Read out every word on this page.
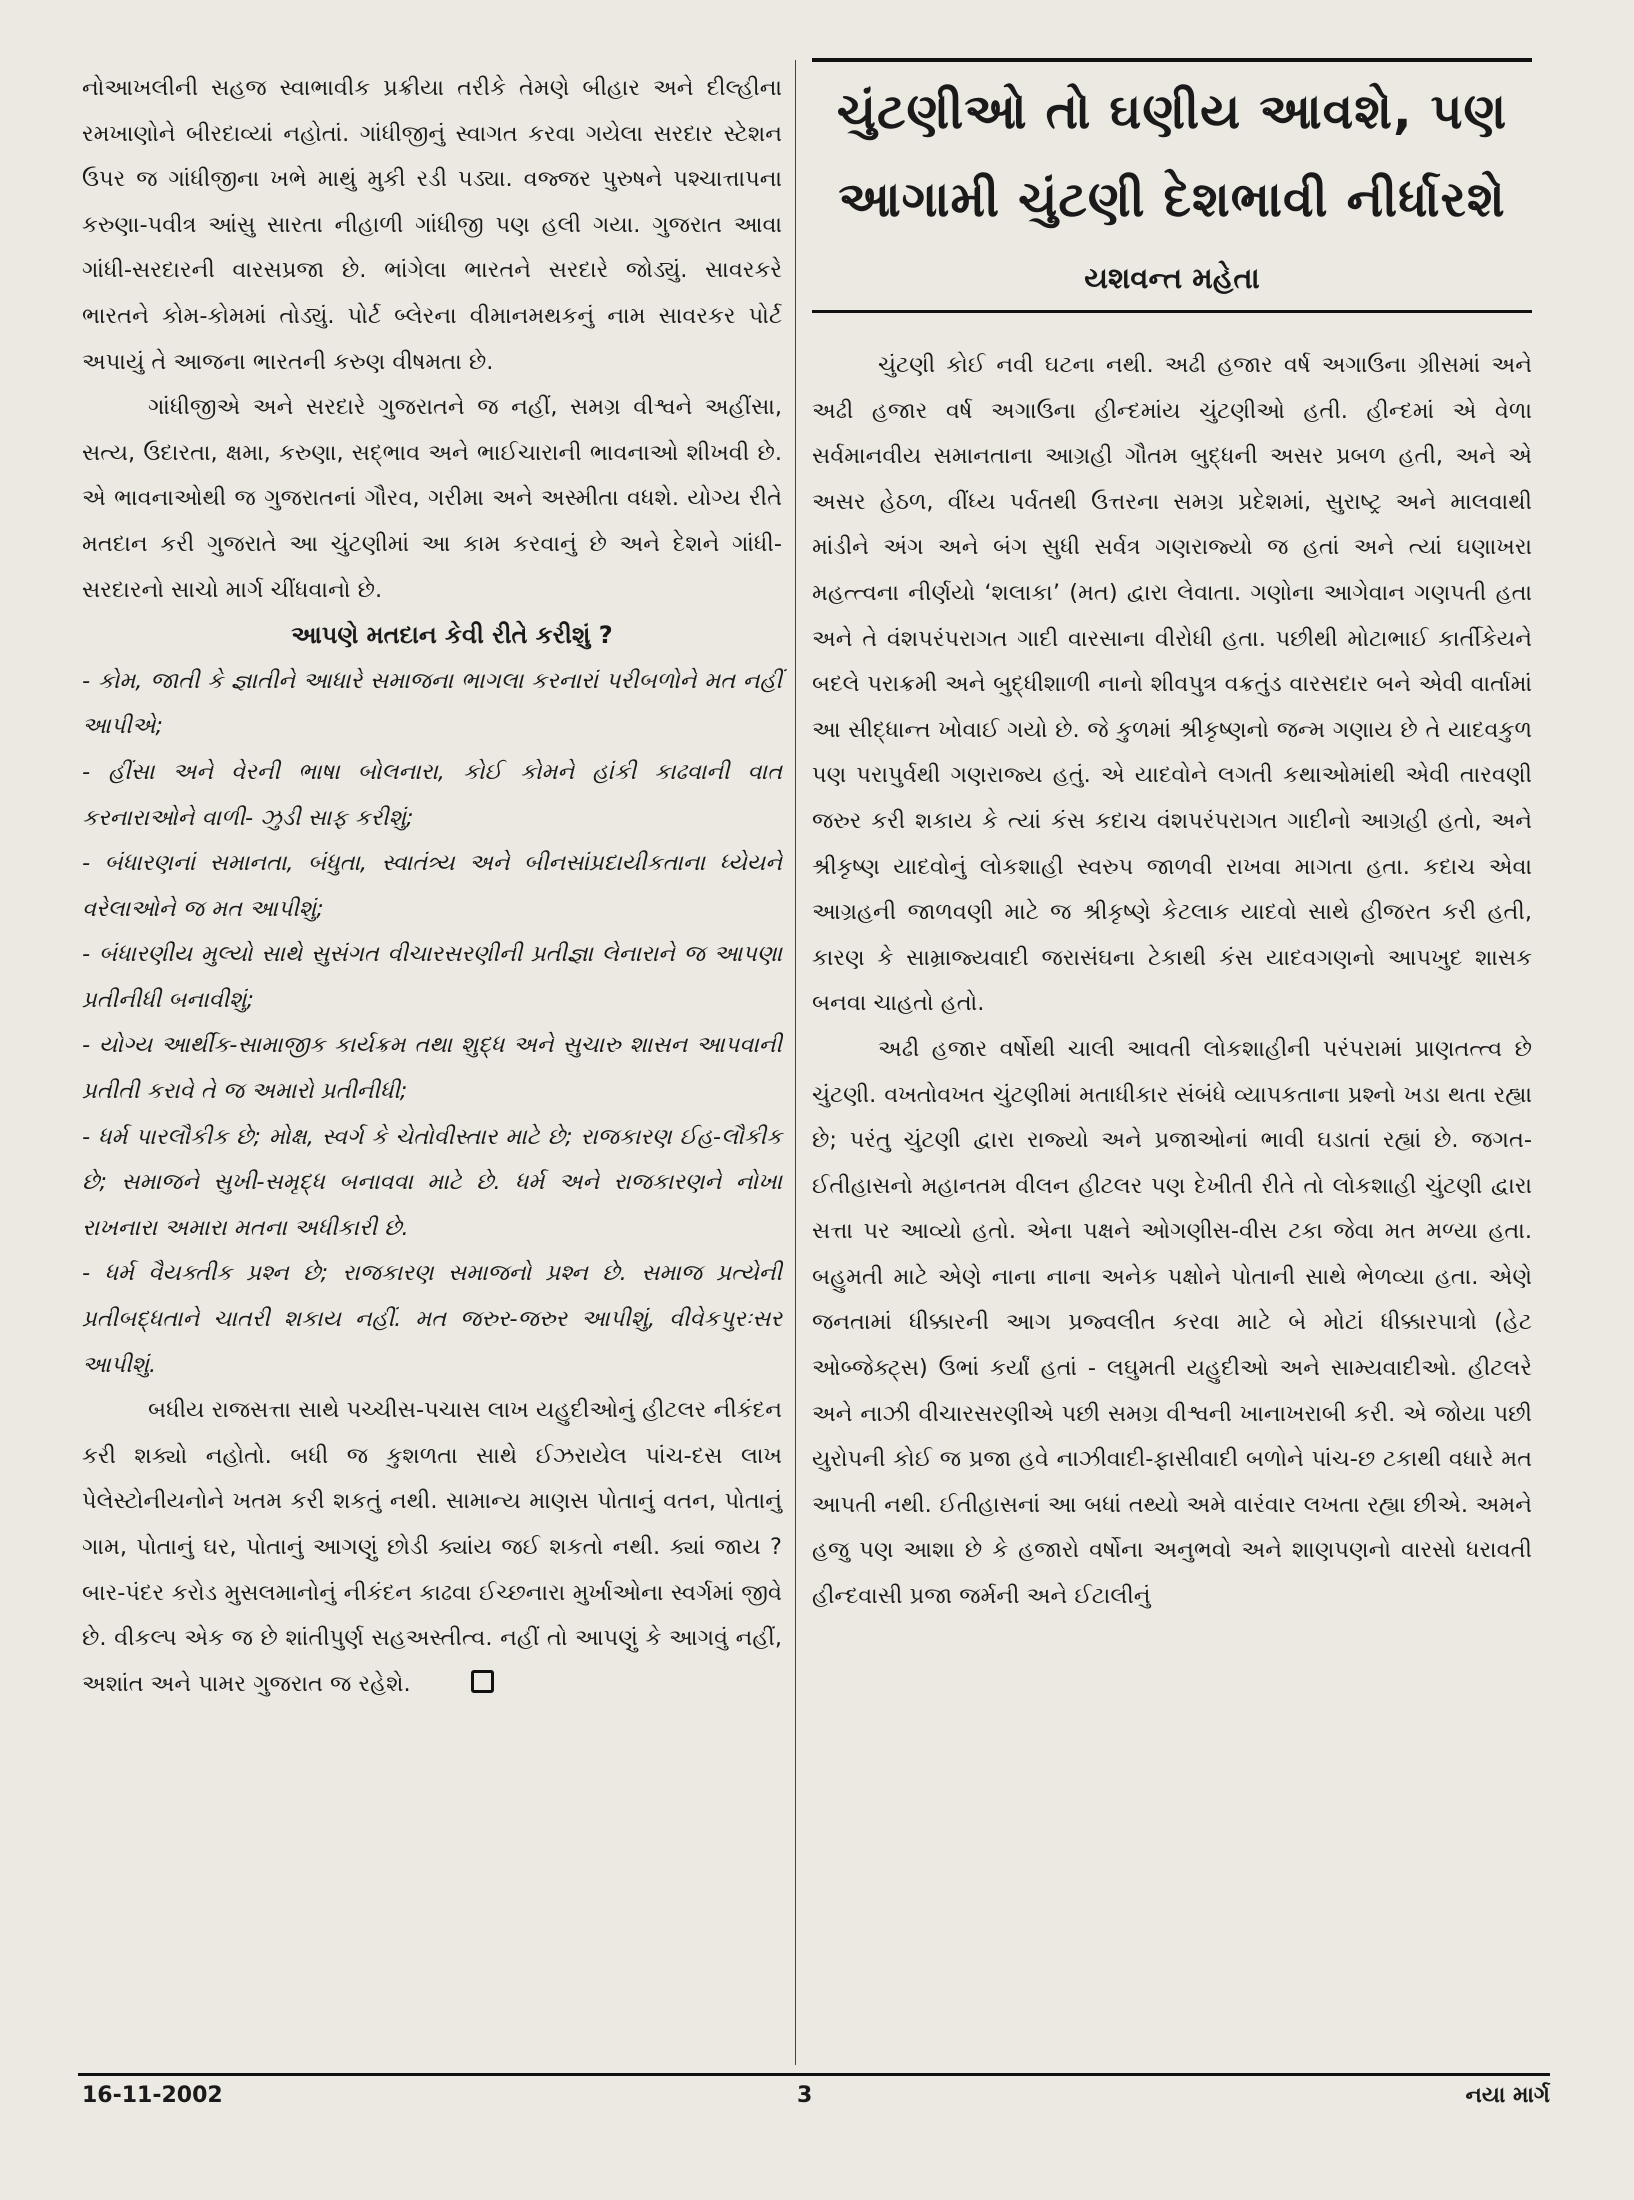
નોઆખલીની સહજ સ્વાભાવીક પ્રક્રીયા તરીકે તેમણે બીહાર અને દીલ્હીના રમખાણોને બીરદાવ્યાં નહોતાં. ગાંધીજીનું સ્વાગત કરવા ગયેલા સરદાર સ્ટેશન ઉપર જ ગાંધીજીના ખભે માથું મુકી રડી પડ્યા. વજ્જર પુરુષને પશ્ચાત્તાપના કરુણા-પવીત્ર આંસુ સારતા નીહાળી ગાંધીજી પણ હલી ગયા. ગુજરાત આવા ગાંધી-સરદારની વારસપ્રજા છે. ભાંગેલા ભારતને સરદારે જોડ્યું. સાવરકરે ભારતને કોમ-કોમમાં તોડ્યું. પોર્ટ બ્લેરના વીમાનમથકનું નામ સાવરકર પોર્ટ અપાયું તે આજના ભારતની કરુણ વીષમતા છે.

ગાંધીજીએ અને સરદારે ગુજરાતને જ નહીં, સમગ્ર વીશ્વને અહીંસા, સત્ય, ઉદારતા, ક્ષમા, કરુણા, સદ્ભાવ અને ભાઈચારાની ભાવનાઓ શીખવી છે. એ ભાવનાઓથી જ ગુજરાતનાં ગૌરવ, ગરીમા અને અસ્મીતા વધશે. યોગ્ય રીતે મતદાન કરી ગુજરાતે આ ચુંટણીમાં આ કામ કરવાનું છે અને દેશને ગાંધી-સરદારનો સાચો માર્ગ ચીંધવાનો છે.

આપણે મતદાન કેવી રીતે કરીશું ?

- કોમ, જાતી કે જ્ઞાતીને આધારે સમાજના ભાગલા કરનારાં પરીબળોને મત નહીં આપીએ;
- હીંસા અને વેરની ભાષા બોલનારા, કોઈ કોમને હાંકી કાઢવાની વાત કરનારાઓને વાળી- ઝુડી સાફ કરીશું;
- બંધારણનાં સમાનતા, બંધુતા, સ્વાતંત્ર્ય અને બીનસાંપ્રદાયીકતાના ધ્યેયને વરેલાઓને જ મત આપીશું;
- બંધારણીય મુલ્યો સાથે સુસંગત વીચારસરણીની પ્રતીજ્ઞા લેનારાને જ આપણા પ્રતીનીધી બનાવીશું;
- યોગ્ય આર્થીક-સામાજીક કાર્યક્રમ તથા શુદ્ધ અને સુચારુ શાસન આપવાની પ્રતીતી કરાવે તે જ અમારો પ્રતીનીધી;
- ધર્મ પારલૌકીક છે; મોક્ષ, સ્વર્ગ કે ચેતોવીસ્તાર માટે છે; રાજકારણ ઈહ-લૌકીક છે; સમાજને સુખી-સમૃદ્ધ બનાવવા માટે છે. ધર્મ અને રાજકારણને નોખા રાખનારા અમારા મતના અધીકારી છે.
- ધર્મ વૈયક્તીક પ્રશ્ન છે; રાજકારણ સમાજનો પ્રશ્ન છે. સમાજ પ્રત્યેની પ્રતીબદ્ધતાને ચાતરી શકાય નહીં. મત જરુર-જરુર આપીશું, વીવેકપુરઃસર આપીશું.

બધીય રાજસત્તા સાથે પચ્ચીસ-પચાસ લાખ યહુદીઓનું હીટલર નીકંદન કરી શક્યો નહોતો. બધી જ કુશળતા સાથે ઈઝરાયેલ પાંચ-દસ લાખ પેલેસ્ટોનીયનોને ખતમ કરી શકતું નથી. સામાન્ય માણસ પોતાનું વતન, પોતાનું ગામ, પોતાનું ઘર, પોતાનું આગણું છોડી ક્યાંય જઈ શકતો નથી. ક્યાં જાય ? બાર-પંદર કરોડ મુસલમાનોનું નીકંદન કાઢવા ઈચ્છનારા મુર્ખાઓના સ્વર્ગમાં જીવે છે. વીકલ્પ એક જ છે શાંતીપુર્ણ સહઅસ્તીત્વ. નહીં તો આપણું કે આગવું નહીં, અશાંત અને પામર ગુજરાત જ રહેશે.

ચુંટણીઓ તો ઘણીય આવશે, પણ
આગામી ચુંટણી દેશભાવી નીર્ધારશે
યશવન્ત મહેતા

ચુંટણી કોઈ નવી ઘટના નથી. અઢી હજાર વર્ષ અગાઉના ગ્રીસમાં અને અઢી હજાર વર્ષ અગાઉના હીન્દમાંય ચુંટણીઓ હતી. હીન્દમાં એ વેળા સર્વમાનવીય સમાનતાના આગ્રહી ગૌતમ બુદ્ધની અસર પ્રબળ હતી, અને એ અસર હેઠળ, વીંધ્ય પર્વતથી ઉત્તરના સમગ્ર પ્રદેશમાં, સુરાષ્ટ્ર અને માલવાથી માંડીને અંગ અને બંગ સુધી સર્વત્ર ગણરાજ્યો જ હતાં અને ત્યાં ઘણાખરા મહત્ત્વના નીર્ણયો ‘શલાકા’ (મત) દ્વારા લેવાતા. ગણોના આગેવાન ગણપતી હતા અને તે વંશપરંપરાગત ગાદી વારસાના વીરોધી હતા. પછીથી મોટાભાઈ કાર્તીકેયને બદલે પરાક્રમી અને બુદ્ધીશાળી નાનો શીવપુત્ર વક્રતુંડ વારસદાર બને એવી વાર્તામાં આ સીદ્ધાન્ત ખોવાઈ ગયો છે. જે કુળમાં શ્રીકૃષ્ણનો જન્મ ગણાય છે તે યાદવકુળ પણ પરાપુર્વથી ગણરાજ્ય હતું. એ યાદવોને લગતી કથાઓમાંથી એવી તારવણી જરુર કરી શકાય કે ત્યાં કંસ કદાચ વંશપરંપરાગત ગાદીનો આગ્રહી હતો, અને શ્રીકૃષ્ણ યાદવોનું લોકશાહી સ્વરુપ જાળવી રાખવા માગતા હતા. કદાચ એવા આગ્રહની જાળવણી માટે જ શ્રીકૃષ્ણે કેટલાક યાદવો સાથે હીજરત કરી હતી, કારણ કે સામ્રાજ્યવાદી જરાસંઘના ટેકાથી કંસ યાદવગણનો આપખુદ શાસક બનવા ચાહતો હતો.

અઢી હજાર વર્ષોથી ચાલી આવતી લોકશાહીની પરંપરામાં પ્રાણતત્ત્વ છે ચુંટણી. વખતોવખત ચુંટણીમાં મતાધીકાર સંબંધે વ્યાપકતાના પ્રશ્નો ખડા થતા રહ્યા છે; પરંતુ ચુંટણી દ્વારા રાજ્યો અને પ્રજાઓનાં ભાવી ઘડાતાં રહ્યાં છે. જગત-ઈતીહાસનો મહાનતમ વીલન હીટલર પણ દેખીતી રીતે તો લોકશાહી ચુંટણી દ્વારા સત્તા પર આવ્યો હતો. એના પક્ષને ઓગણીસ-વીસ ટકા જેવા મત મળ્યા હતા. બહુમતી માટે એણે નાના નાના અનેક પક્ષોને પોતાની સાથે ભેળવ્યા હતા. એણે જનતામાં ધીક્કારની આગ પ્રજ્વલીત કરવા માટે બે મોટાં ધીક્કારપાત્રો (હેટ ઓબ્જેક્ટ્સ) ઉભાં કર્યાં હતાં - લઘુમતી યહુદીઓ અને સામ્યવાદીઓ. હીટલરે અને નાઝી વીચારસરણીએ પછી સમગ્ર વીશ્વની ખાનાખરાબી કરી. એ જોયા પછી યુરોપની કોઈ જ પ્રજા હવે નાઝીવાદી-ફાસીવાદી બળોને પાંચ-છ ટકાથી વધારે મત આપતી નથી. ઈતીહાસનાં આ બધાં તથ્યો અમે વારંવાર લખતા રહ્યા છીએ. અમને હજુ પણ આશા છે કે હજારો વર્ષોના અનુભવો અને શાણપણનો વારસો ધરાવતી હીન્દવાસી પ્રજા જર્મની અને ઈટાલીનું

16-11-2002	3	નયા માર્ગ
